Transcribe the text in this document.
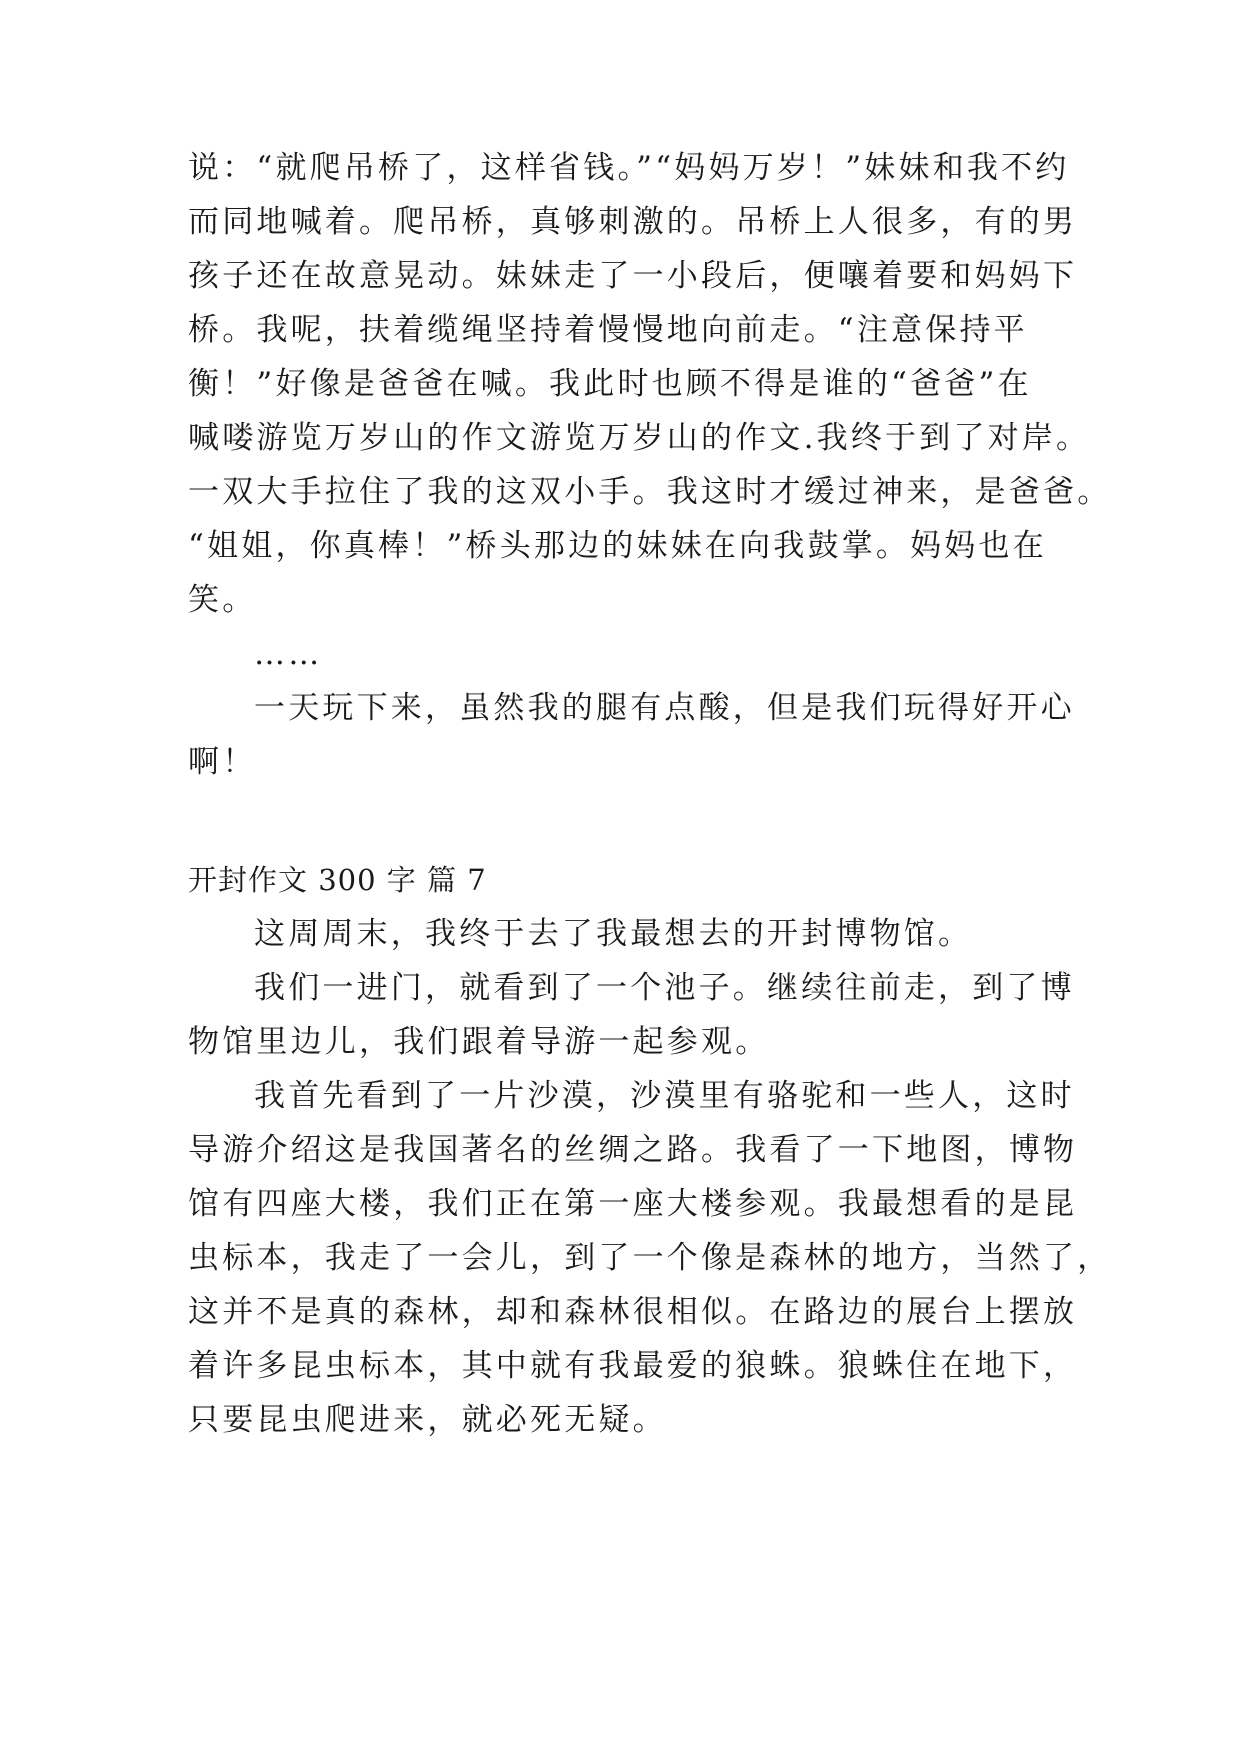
说：“就爬吊桥了，这样省钱。”“妈妈万岁！”妹妹和我不约
而同地喊着。爬吊桥，真够刺激的。吊桥上人很多，有的男
孩子还在故意晃动。妹妹走了一小段后，便嚷着要和妈妈下
桥。我呢，扶着缆绳坚持着慢慢地向前走。“注意保持平
衡！”好像是爸爸在喊。我此时也顾不得是谁的“爸爸”在
喊喽游览万岁山的作文游览万岁山的作文.我终于到了对岸。
一双大手拉住了我的这双小手。我这时才缓过神来，是爸爸。
“姐姐，你真棒！”桥头那边的妹妹在向我鼓掌。妈妈也在
笑。
……
一天玩下来，虽然我的腿有点酸，但是我们玩得好开心
啊！
开封作文 300 字 篇 7
这周周末，我终于去了我最想去的开封博物馆。
我们一进门，就看到了一个池子。继续往前走，到了博
物馆里边儿，我们跟着导游一起参观。
我首先看到了一片沙漠，沙漠里有骆驼和一些人，这时
导游介绍这是我国著名的丝绸之路。我看了一下地图，博物
馆有四座大楼，我们正在第一座大楼参观。我最想看的是昆
虫标本，我走了一会儿，到了一个像是森林的地方，当然了，
这并不是真的森林，却和森林很相似。在路边的展台上摆放
着许多昆虫标本，其中就有我最爱的狼蛛。狼蛛住在地下，
只要昆虫爬进来，就必死无疑。
